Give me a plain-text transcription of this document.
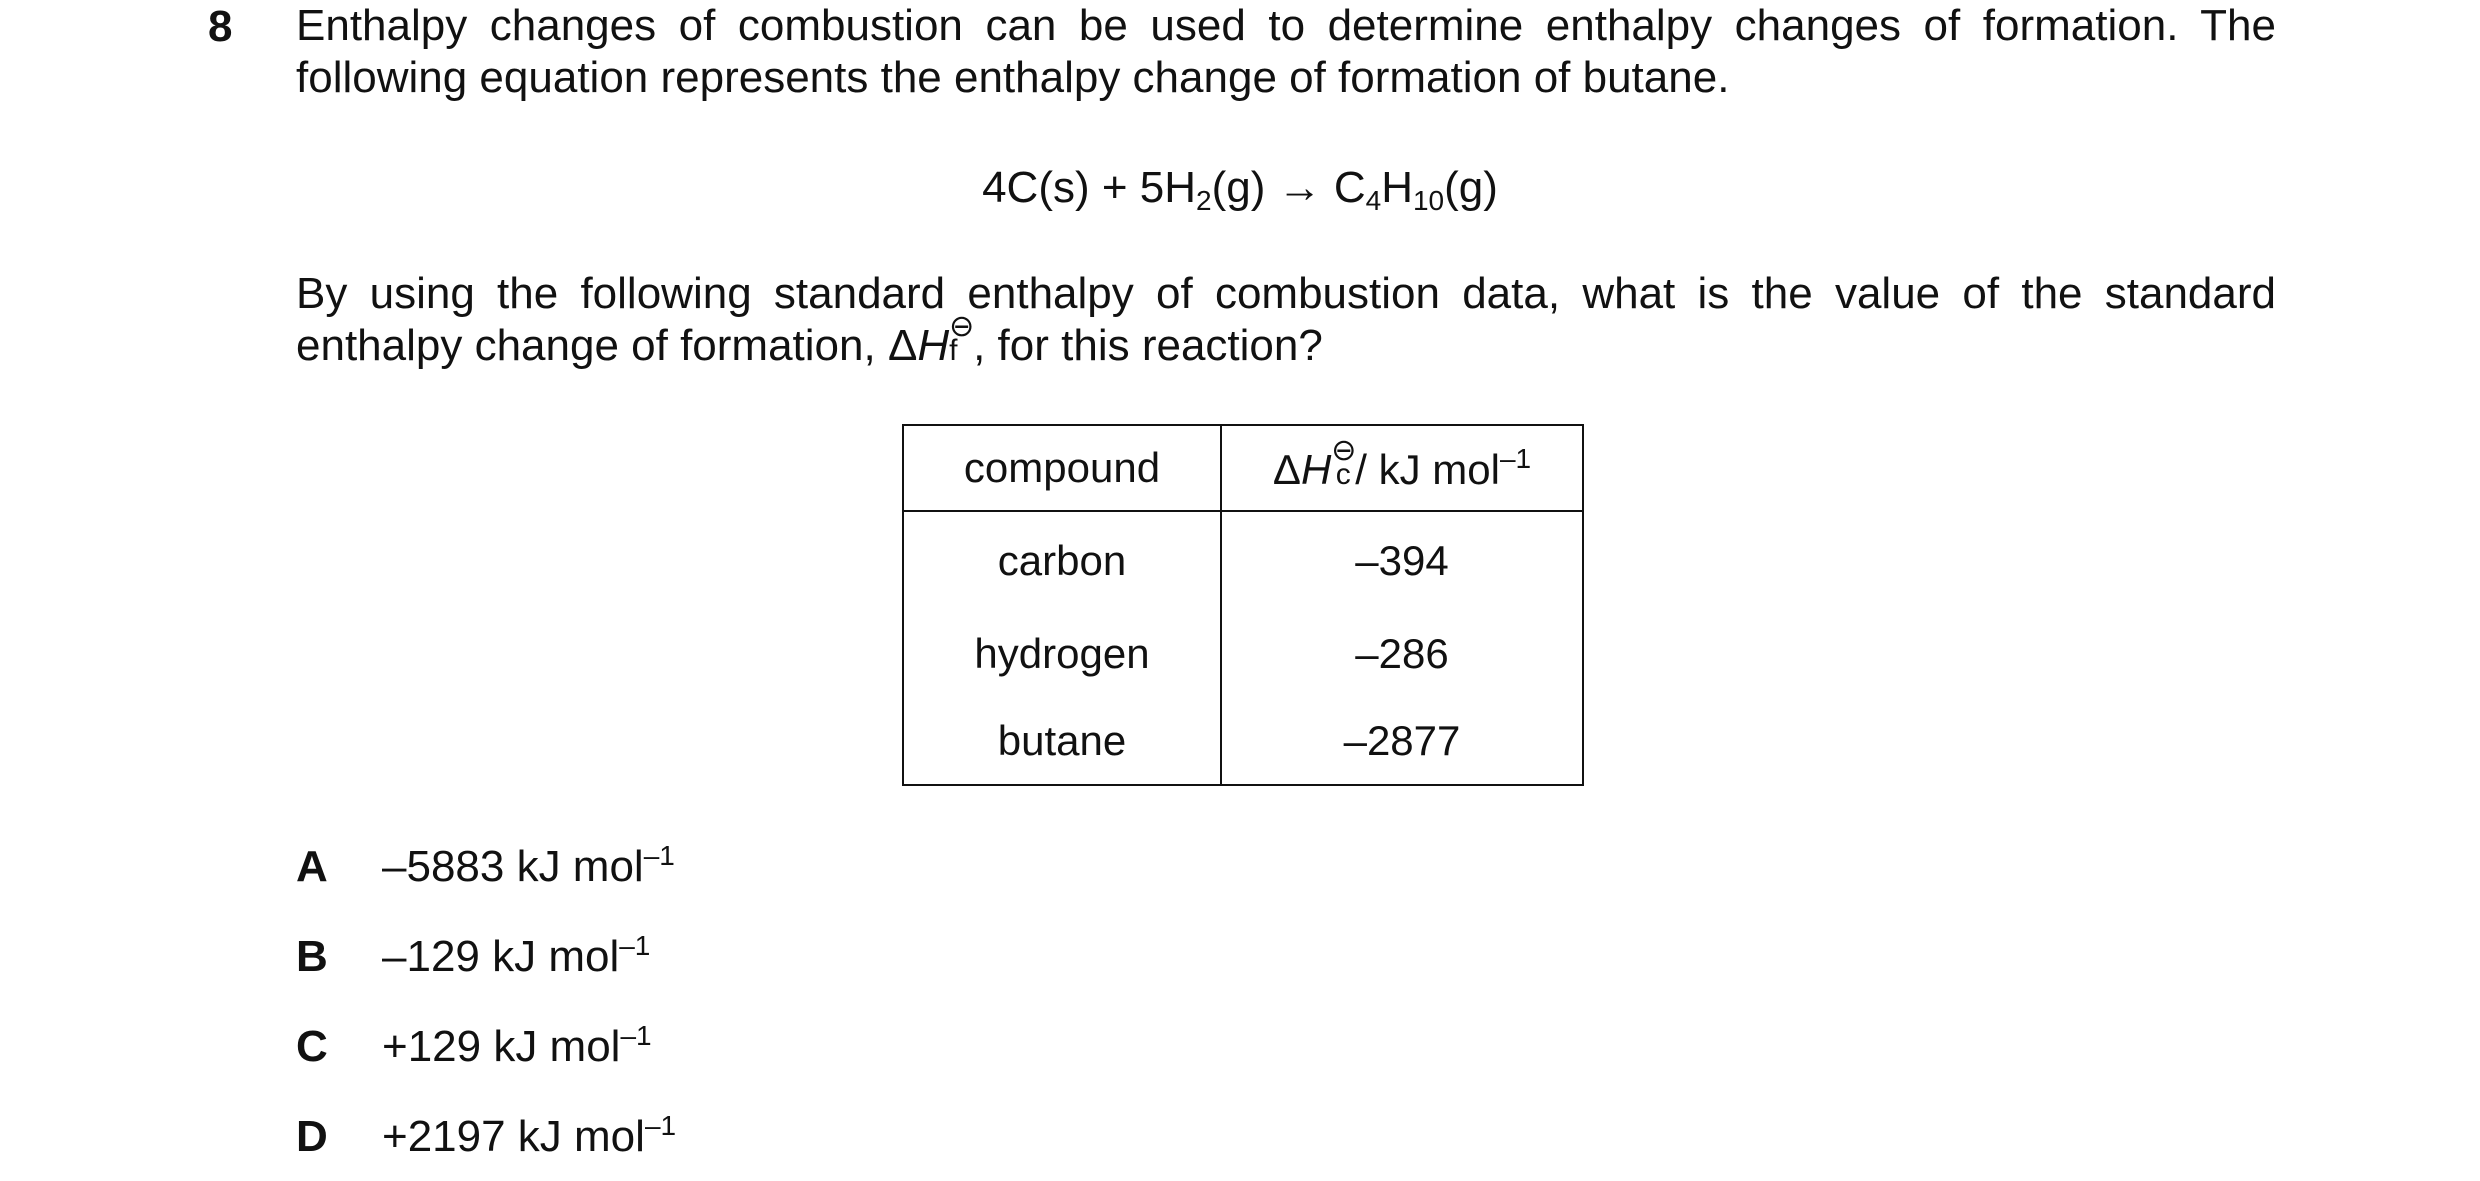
8 Enthalpy changes of combustion can be used to determine enthalpy changes of formation. The following equation represents the enthalpy change of formation of butane.
$4C(s) + 5H_2(g) \to C_4H_{10}(g)$
By using the following standard enthalpy of combustion data, what is the value of the standard enthalpy change of formation, ΔH ⊖
f , for this reaction?
compound	ΔH ⊖
c / kJ mol$^{-1}$
carbon	–394
hydrogen	–286
butane	–2877
A –5883 kJ mol$^{-1}$
B –129 kJ mol$^{-1}$
C +129 kJ mol$^{-1}$
D +2197 kJ mol$^{-1}$
